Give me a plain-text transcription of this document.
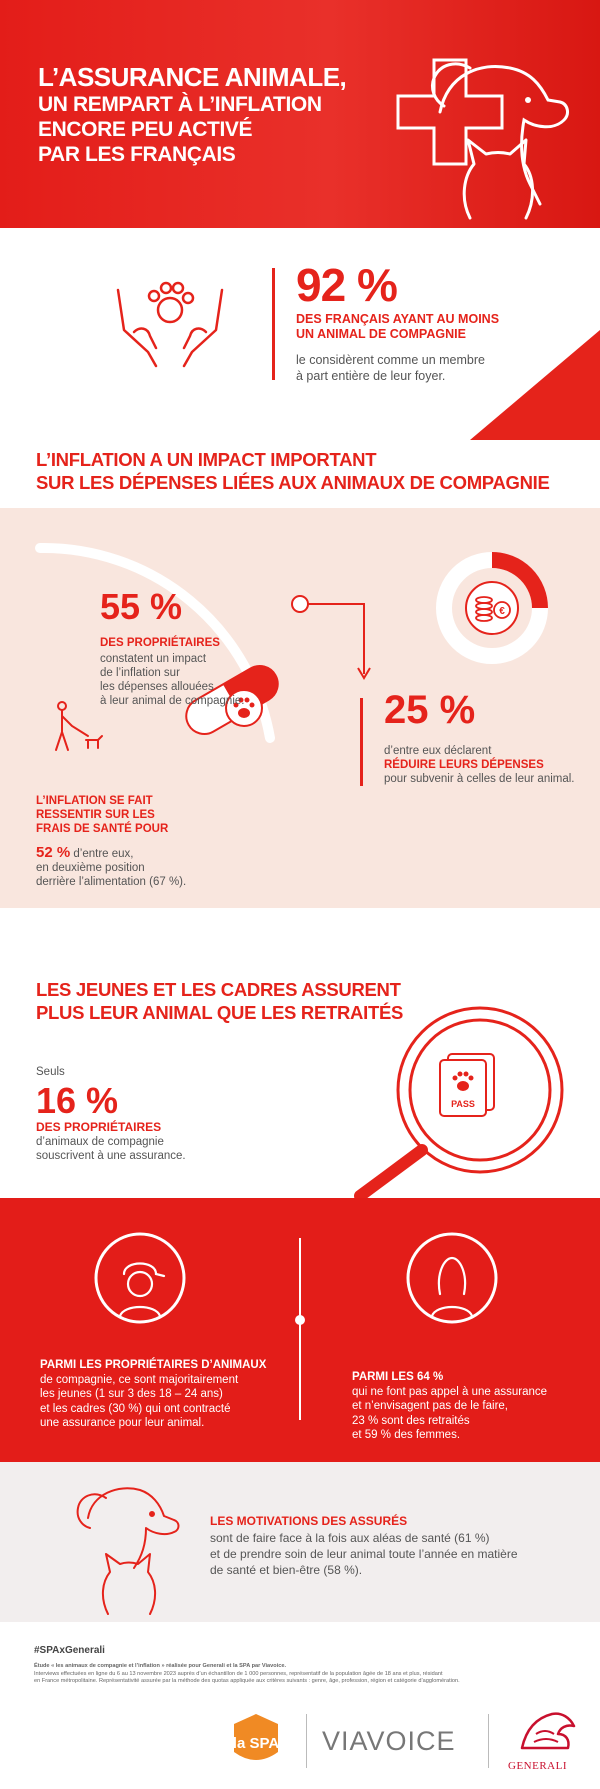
L’ASSURANCE ANIMALE,
UN REMPART À L’INFLATION
ENCORE PEU ACTIVÉ
PAR LES FRANÇAIS
92 %
DES FRANÇAIS AYANT AU MOINS
UN ANIMAL DE COMPAGNIE
le considèrent comme un membre
à part entière de leur foyer.
L’INFLATION A UN IMPACT IMPORTANT
SUR LES DÉPENSES LIÉES AUX ANIMAUX DE COMPAGNIE
€
55 %
DES PROPRIÉTAIRES
constatent un impact
de l’inflation sur
les dépenses allouées
à leur animal de compagnie.	25 %
d’entre eux déclarent
RÉDUIRE LEURS DÉPENSES
pour subvenir à celles de leur animal.
L’INFLATION SE FAIT
RESSENTIR SUR LES
FRAIS DE SANTÉ POUR
52 % d’entre eux,
en deuxième position
derrière l’alimentation (67 %).
LES JEUNES ET LES CADRES ASSURENT
PLUS LEUR ANIMAL QUE LES RETRAITÉS
PASS
Seuls
16 %
DES PROPRIÉTAIRES
d’animaux de compagnie
souscrivent à une assurance.
PARMI LES PROPRIÉTAIRES D’ANIMAUX
de compagnie, ce sont majoritairement
les jeunes (1 sur 3 des 18 – 24 ans)
et les cadres (30 %) qui ont contracté
une assurance pour leur animal.
PARMI LES 64 %
qui ne font pas appel à une assurance
et n’envisagent pas de le faire,
23 % sont des retraités
et 59 % des femmes.
LES MOTIVATIONS DES ASSURÉS
sont de faire face à la fois aux aléas de santé (61 %)
et de prendre soin de leur animal toute l’année en matière
de santé et bien-être (58 %).
#SPAxGenerali
Étude « les animaux de compagnie et l’inflation » réalisée pour Generali et la SPA par Viavoice.
Interviews effectuées en ligne du 6 au 13 novembre 2023 auprès d’un échantillon de 1 000 personnes, représentatif de la population âgée de 18 ans et plus, résidant
en France métropolitaine. Représentativité assurée par la méthode des quotas appliquée aux critères suivants : genre, âge, profession, région et catégorie d’agglomération.
la SPA VIAVOICE
GENERALI
